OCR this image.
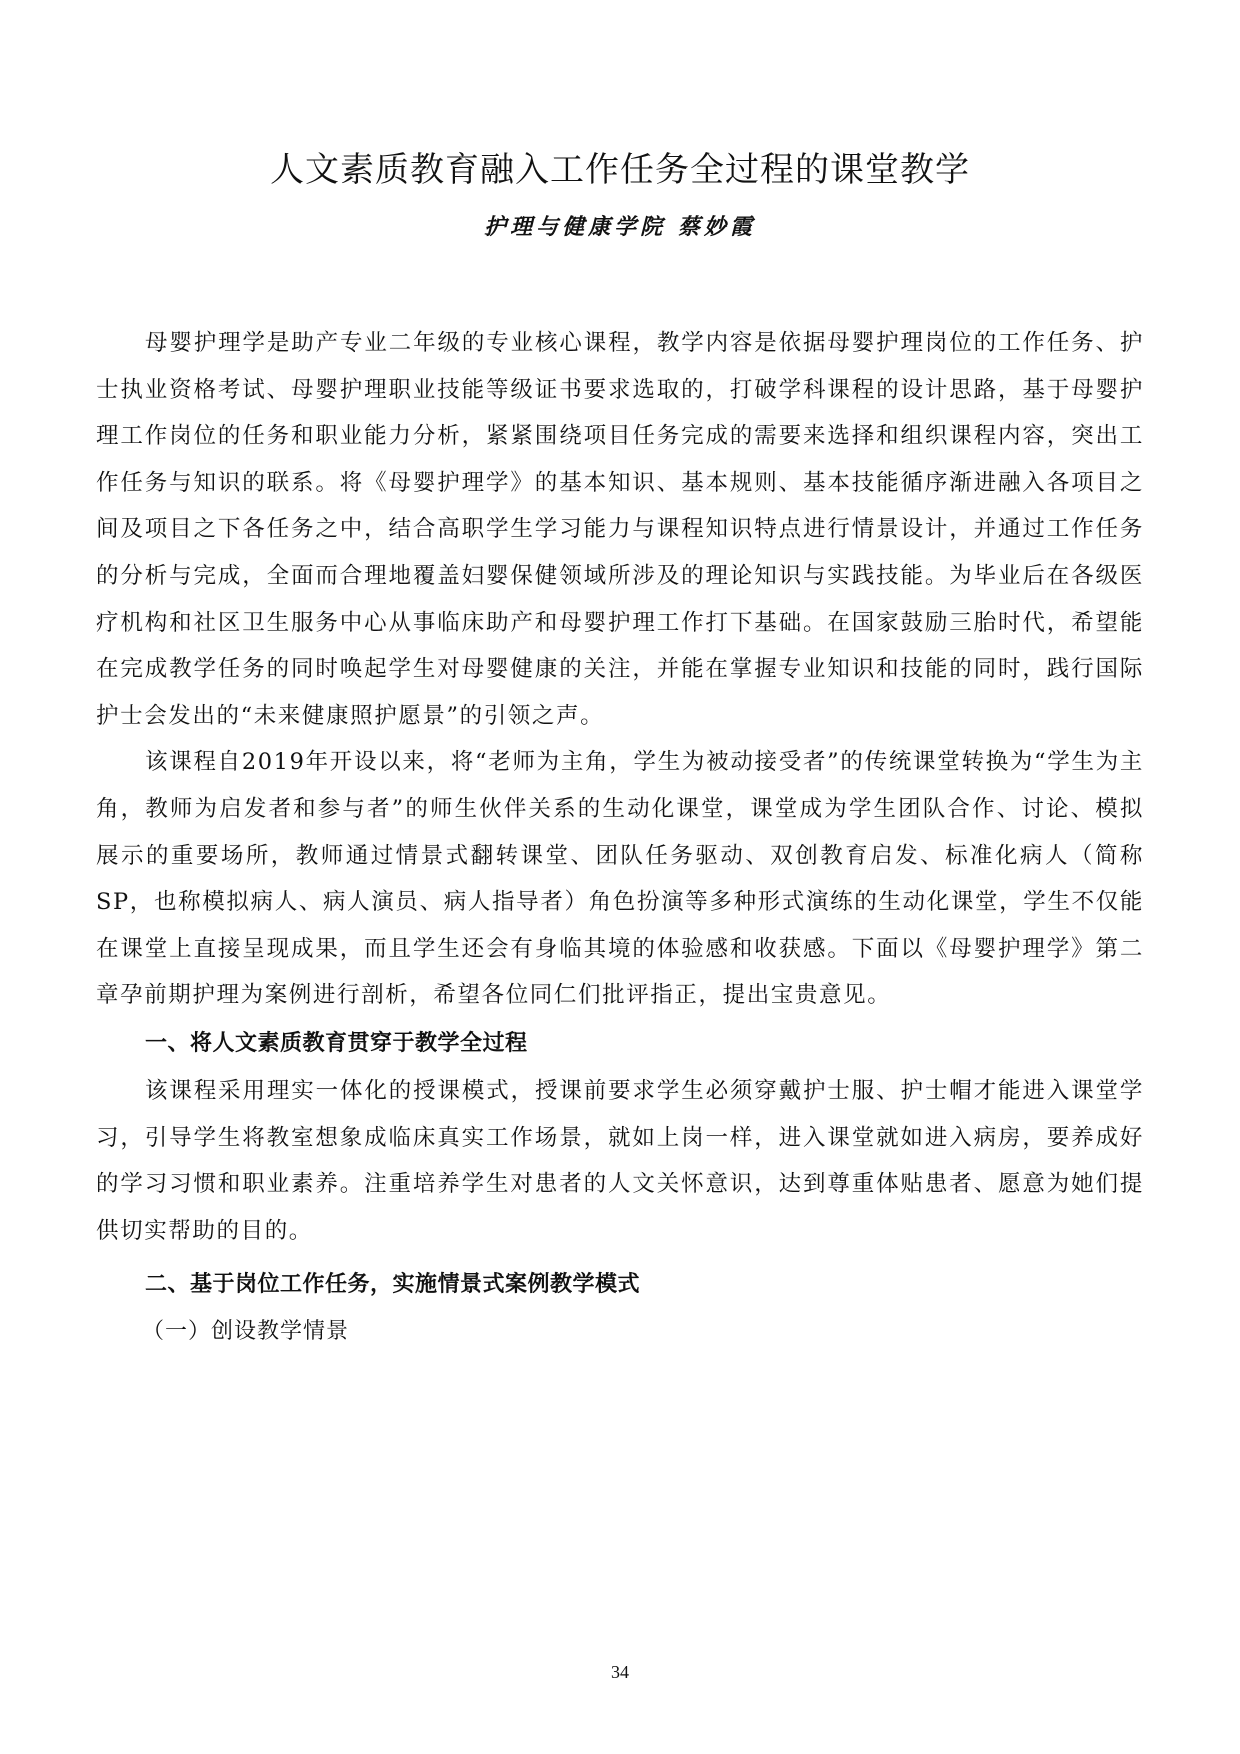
人文素质教育融入工作任务全过程的课堂教学
护理与健康学院 蔡妙霞

母婴护理学是助产专业二年级的专业核心课程，教学内容是依据母婴护理岗位的工作任务、护士执业资格考试、母婴护理职业技能等级证书要求选取的，打破学科课程的设计思路，基于母婴护理工作岗位的任务和职业能力分析，紧紧围绕项目任务完成的需要来选择和组织课程内容，突出工作任务与知识的联系。将《母婴护理学》的基本知识、基本规则、基本技能循序渐进融入各项目之间及项目之下各任务之中，结合高职学生学习能力与课程知识特点进行情景设计，并通过工作任务的分析与完成，全面而合理地覆盖妇婴保健领域所涉及的理论知识与实践技能。为毕业后在各级医疗机构和社区卫生服务中心从事临床助产和母婴护理工作打下基础。在国家鼓励三胎时代，希望能在完成教学任务的同时唤起学生对母婴健康的关注，并能在掌握专业知识和技能的同时，践行国际护士会发出的“未来健康照护愿景”的引领之声。

该课程自2019年开设以来，将“老师为主角，学生为被动接受者”的传统课堂转换为“学生为主角，教师为启发者和参与者”的师生伙伴关系的生动化课堂，课堂成为学生团队合作、讨论、模拟展示的重要场所，教师通过情景式翻转课堂、团队任务驱动、双创教育启发、标准化病人（简称SP，也称模拟病人、病人演员、病人指导者）角色扮演等多种形式演练的生动化课堂，学生不仅能在课堂上直接呈现成果，而且学生还会有身临其境的体验感和收获感。下面以《母婴护理学》第二章孕前期护理为案例进行剖析，希望各位同仁们批评指正，提出宝贵意见。

一、将人文素质教育贯穿于教学全过程

该课程采用理实一体化的授课模式，授课前要求学生必须穿戴护士服、护士帽才能进入课堂学习，引导学生将教室想象成临床真实工作场景，就如上岗一样，进入课堂就如进入病房，要养成好的学习习惯和职业素养。注重培养学生对患者的人文关怀意识，达到尊重体贴患者、愿意为她们提供切实帮助的目的。

二、基于岗位工作任务，实施情景式案例教学模式
（一）创设教学情景
34
